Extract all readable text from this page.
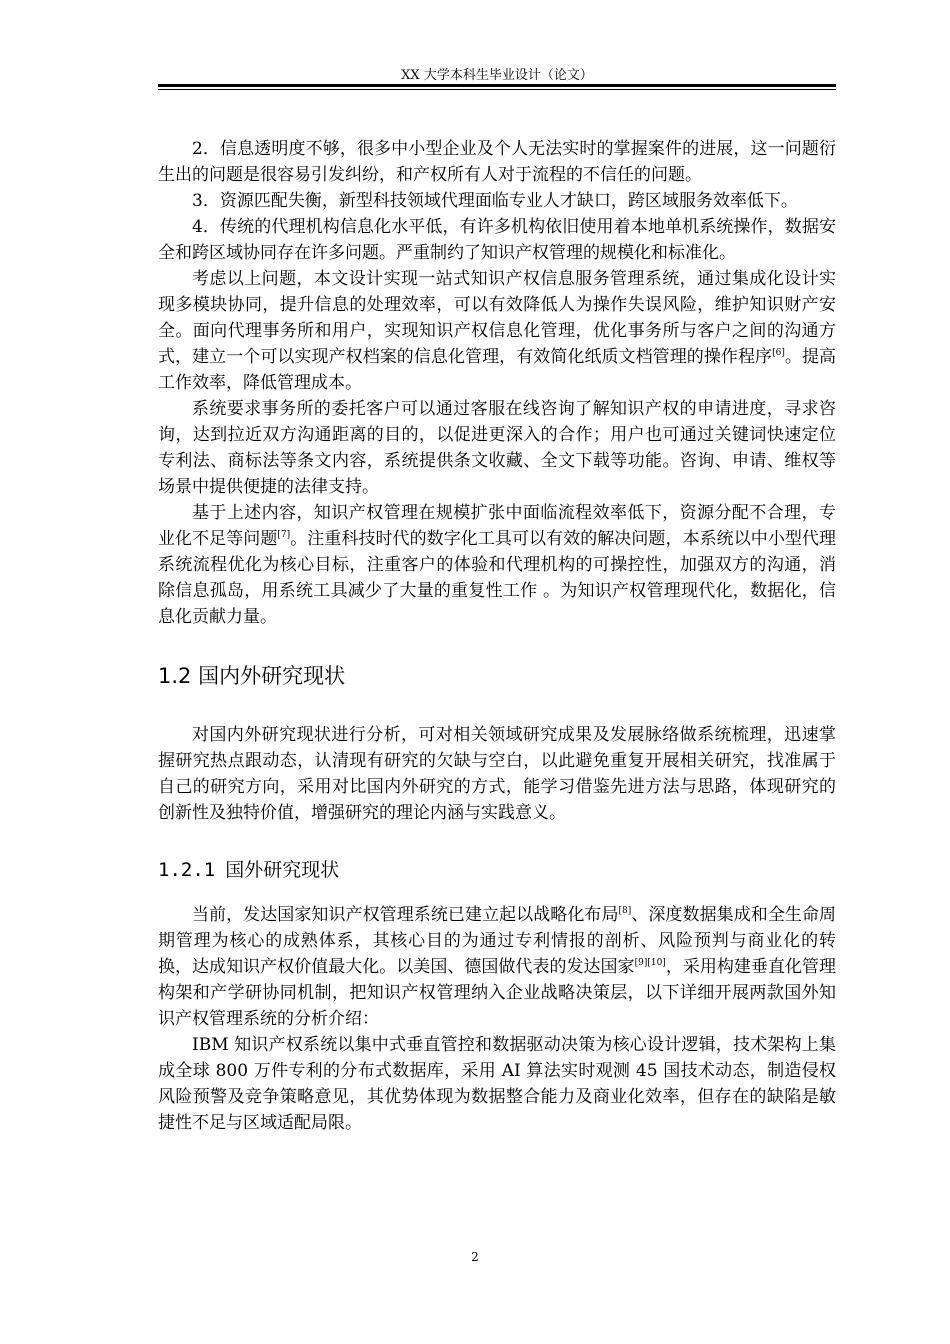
XX 大学本科生毕业设计（论文）

2．信息透明度不够，很多中小型企业及个人无法实时的掌握案件的进展，这一问题衍生出的问题是很容易引发纠纷，和产权所有人对于流程的不信任的问题。

3．资源匹配失衡，新型科技领域代理面临专业人才缺口，跨区域服务效率低下。

4．传统的代理机构信息化水平低，有许多机构依旧使用着本地单机系统操作，数据安全和跨区域协同存在许多问题。严重制约了知识产权管理的规模化和标准化。

考虑以上问题，本文设计实现一站式知识产权信息服务管理系统，通过集成化设计实现多模块协同，提升信息的处理效率，可以有效降低人为操作失误风险，维护知识财产安全。面向代理事务所和用户，实现知识产权信息化管理，优化事务所与客户之间的沟通方式，建立一个可以实现产权档案的信息化管理，有效简化纸质文档管理的操作程序[6]。提高工作效率，降低管理成本。

系统要求事务所的委托客户可以通过客服在线咨询了解知识产权的申请进度，寻求咨询，达到拉近双方沟通距离的目的，以促进更深入的合作；用户也可通过关键词快速定位专利法、商标法等条文内容，系统提供条文收藏、全文下载等功能。咨询、申请、维权等场景中提供便捷的法律支持。

基于上述内容，知识产权管理在规模扩张中面临流程效率低下，资源分配不合理，专业化不足等问题[7]。注重科技时代的数字化工具可以有效的解决问题，本系统以中小型代理系统流程优化为核心目标，注重客户的体验和代理机构的可操控性，加强双方的沟通，消除信息孤岛，用系统工具减少了大量的重复性工作 。为知识产权管理现代化，数据化，信息化贡献力量。

1.2 国内外研究现状

对国内外研究现状进行分析，可对相关领域研究成果及发展脉络做系统梳理，迅速掌握研究热点跟动态，认清现有研究的欠缺与空白，以此避免重复开展相关研究，找准属于自己的研究方向，采用对比国内外研究的方式，能学习借鉴先进方法与思路，体现研究的创新性及独特价值，增强研究的理论内涵与实践意义。

1.2.1 国外研究现状

当前，发达国家知识产权管理系统已建立起以战略化布局[8]、深度数据集成和全生命周期管理为核心的成熟体系，其核心目的为通过专利情报的剖析、风险预判与商业化的转换，达成知识产权价值最大化。以美国、德国做代表的发达国家[9][10]，采用构建垂直化管理构架和产学研协同机制，把知识产权管理纳入企业战略决策层，以下详细开展两款国外知识产权管理系统的分析介绍：

IBM 知识产权系统以集中式垂直管控和数据驱动决策为核心设计逻辑，技术架构上集成全球 800 万件专利的分布式数据库，采用 AI 算法实时观测 45 国技术动态，制造侵权风险预警及竞争策略意见，其优势体现为数据整合能力及商业化效率，但存在的缺陷是敏捷性不足与区域适配局限。

2
